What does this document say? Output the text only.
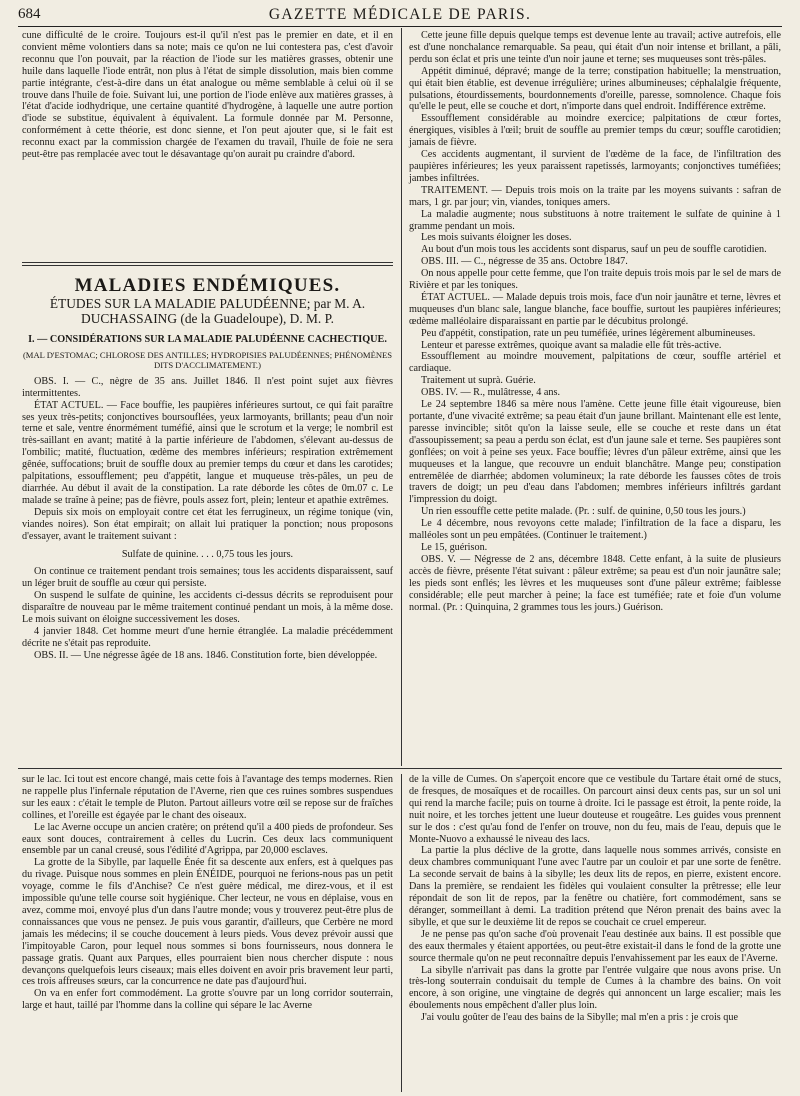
684	GAZETTE MÉDICALE DE PARIS.

cune difficulté de le croire. Toujours est-il qu'il n'est pas le premier en date, et il en convient même volontiers dans sa note; mais ce qu'on ne lui contestera pas, c'est d'avoir reconnu que l'on pouvait, par la réaction de l'iode sur les matières grasses, obtenir une huile dans laquelle l'iode entrât, non plus à l'état de simple dissolution, mais bien comme partie intégrante, c'est-à-dire dans un état analogue ou même semblable à celui où il se trouve dans l'huile de foie. Suivant lui, une portion de l'iode enlève aux matières grasses, à l'état d'acide iodhydrique, une certaine quantité d'hydrogène, à laquelle une autre portion d'iode se substitue, équivalent à équivalent. La formule donnée par M. Personne, conformément à cette théorie, est donc sienne, et l'on peut ajouter que, si le fait est reconnu exact par la commission chargée de l'examen du travail, l'huile de foie ne sera peut-être pas remplacée avec tout le désavantage qu'on aurait pu craindre d'abord.

MALADIES ENDÉMIQUES.
ÉTUDES SUR LA MALADIE PALUDÉENNE; par M. A. DUCHASSAING (de la Guadeloupe), D. M. P.
I. — CONSIDÉRATIONS SUR LA MALADIE PALUDÉENNE CACHECTIQUE.
(MAL D'ESTOMAC; CHLOROSE DES ANTILLES; HYDROPISIES PALUDÉENNES; PHÉNOMÈNES DITS D'ACCLIMATEMENT.)

OBS. I. — C., nègre de 35 ans. Juillet 1846. Il n'est point sujet aux fièvres intermittentes.

ÉTAT ACTUEL. — Face bouffie, les paupières inférieures surtout, ce qui fait paraître ses yeux très-petits; conjonctives boursouflées, yeux larmoyants, brillants; peau d'un noir terne et sale, ventre énormément tuméfié, ainsi que le scrotum et la verge; le nombril est très-saillant en avant; matité à la partie inférieure de l'abdomen, s'élevant au-dessus de l'ombilic; matité, fluctuation, œdème des membres inférieurs; respiration extrêmement gênée, suffocations; bruit de souffle doux au premier temps du cœur et dans les carotides; palpitations, essoufflement; peu d'appétit, langue et muqueuse très-pâles, un peu de diarrhée. Au début il avait de la constipation. La rate déborde les côtes de 0m.07 c. Le malade se traîne à peine; pas de fièvre, pouls assez fort, plein; lenteur et apathie extrêmes.

Depuis six mois on employait contre cet état les ferrugineux, un régime tonique (vin, viandes noires). Son état empirait; on allait lui pratiquer la ponction; nous proposons d'essayer, avant le traitement suivant :

Sulfate de quinine. . . . 0,75 tous les jours.

On continue ce traitement pendant trois semaines; tous les accidents disparaissent, sauf un léger bruit de souffle au cœur qui persiste.

On suspend le sulfate de quinine, les accidents ci-dessus décrits se reproduisent pour disparaître de nouveau par le même traitement continué pendant un mois, à la même dose. Le mois suivant on éloigne successivement les doses.

4 janvier 1848. Cet homme meurt d'une hernie étranglée. La maladie précédemment décrite ne s'était pas reproduite.

OBS. II. — Une négresse âgée de 18 ans. 1846. Constitution forte, bien développée.

Cette jeune fille depuis quelque temps est devenue lente au travail; active autrefois, elle est d'une nonchalance remarquable. Sa peau, qui était d'un noir intense et brillant, a pâli, perdu son éclat et pris une teinte d'un noir jaune et terne; ses muqueuses sont très-pâles.

Appétit diminué, dépravé; mange de la terre; constipation habituelle; la menstruation, qui était bien établie, est devenue irrégulière; urines albumineuses; céphalalgie fréquente, pulsations, étourdissements, bourdonnements d'oreille, paresse, somnolence. Chaque fois qu'elle le peut, elle se couche et dort, n'importe dans quel endroit. Indifférence extrême.

Essoufflement considérable au moindre exercice; palpitations de cœur fortes, énergiques, visibles à l'œil; bruit de souffle au premier temps du cœur; souffle carotidien; jamais de fièvre.

Ces accidents augmentant, il survient de l'œdème de la face, de l'infiltration des paupières inférieures; les yeux paraissent rapetissés, larmoyants; conjonctives tuméfiées; jambes infiltrées.

TRAITEMENT. — Depuis trois mois on la traite par les moyens suivants : safran de mars, 1 gr. par jour; vin, viandes, toniques amers.

La maladie augmente; nous substituons à notre traitement le sulfate de quinine à 1 gramme pendant un mois.

Les mois suivants éloigner les doses.

Au bout d'un mois tous les accidents sont disparus, sauf un peu de souffle carotidien.

OBS. III. — C., négresse de 35 ans. Octobre 1847.

On nous appelle pour cette femme, que l'on traite depuis trois mois par le sel de mars de Rivière et par les toniques.

ÉTAT ACTUEL. — Malade depuis trois mois, face d'un noir jaunâtre et terne, lèvres et muqueuses d'un blanc sale, langue blanche, face bouffie, surtout les paupières inférieures; œdème malléolaire disparaissant en partie par le décubitus prolongé.

Peu d'appétit, constipation, rate un peu tuméfiée, urines légèrement albumineuses.

Lenteur et paresse extrêmes, quoique avant sa maladie elle fût très-active.

Essoufflement au moindre mouvement, palpitations de cœur, souffle artériel et cardiaque.

Traitement ut suprà. Guérie.

OBS. IV. — R., mulâtresse, 4 ans.

Le 24 septembre 1846 sa mère nous l'amène. Cette jeune fille était vigoureuse, bien portante, d'une vivacité extrême; sa peau était d'un jaune brillant. Maintenant elle est lente, paresse invincible; sitôt qu'on la laisse seule, elle se couche et reste dans un état d'assoupissement; sa peau a perdu son éclat, est d'un jaune sale et terne. Ses paupières sont gonflées; on voit à peine ses yeux. Face bouffie; lèvres d'un pâleur extrême, ainsi que les muqueuses et la langue, que recouvre un enduit blanchâtre. Mange peu; constipation entremêlée de diarrhée; abdomen volumineux; la rate déborde les fausses côtes de trois travers de doigt; un peu d'eau dans l'abdomen; membres inférieurs infiltrés gardant l'impression du doigt.

Un rien essouffle cette petite malade. (Pr. : sulf. de quinine, 0,50 tous les jours.)

Le 4 décembre, nous revoyons cette malade; l'infiltration de la face a disparu, les malléoles sont un peu empâtées. (Continuer le traitement.)

Le 15, guérison.

OBS. V. — Négresse de 2 ans, décembre 1848. Cette enfant, à la suite de plusieurs accès de fièvre, présente l'état suivant : pâleur extrême; sa peau est d'un noir jaunâtre sale; les pieds sont enflés; les lèvres et les muqueuses sont d'une pâleur extrême; faiblesse considérable; elle peut marcher à peine; la face est tuméfiée; rate et foie d'un volume normal. (Pr. : Quinquina, 2 grammes tous les jours.) Guérison.

sur le lac. Ici tout est encore changé, mais cette fois à l'avantage des temps modernes. Rien ne rappelle plus l'infernale réputation de l'Averne, rien que ces ruines sombres suspendues sur les eaux : c'était le temple de Pluton. Partout ailleurs votre œil se repose sur de fraîches collines, et l'oreille est égayée par le chant des oiseaux.

Le lac Averne occupe un ancien cratère; on prétend qu'il a 400 pieds de profondeur. Ses eaux sont douces, contrairement à celles du Lucrin. Ces deux lacs communiquent ensemble par un canal creusé, sous l'édilité d'Agrippa, par 20,000 esclaves.

La grotte de la Sibylle, par laquelle Énée fit sa descente aux enfers, est à quelques pas du rivage. Puisque nous sommes en plein ÉNÉIDE, pourquoi ne ferions-nous pas un petit voyage, comme le fils d'Anchise? Ce n'est guère médical, me direz-vous, et il est impossible qu'une telle course soit hygiénique. Cher lecteur, ne vous en déplaise, vous en avez, comme moi, envoyé plus d'un dans l'autre monde; vous y trouverez peut-être plus de connaissances que vous ne pensez. Je puis vous garantir, d'ailleurs, que Cerbère ne mord jamais les médecins; il se couche doucement à leurs pieds. Vous devez prévoir aussi que l'impitoyable Caron, pour lequel nous sommes si bons fournisseurs, nous donnera le passage gratis. Quant aux Parques, elles pourraient bien nous chercher dispute : nous devançons quelquefois leurs ciseaux; mais elles doivent en avoir pris bravement leur parti, ces trois affreuses sœurs, car la concurrence ne date pas d'aujourd'hui.

On va en enfer fort commodément. La grotte s'ouvre par un long corridor souterrain, large et haut, taillé par l'homme dans la colline qui sépare le lac Averne

de la ville de Cumes. On s'aperçoit encore que ce vestibule du Tartare était orné de stucs, de fresques, de mosaïques et de rocailles. On parcourt ainsi deux cents pas, sur un sol uni qui rend la marche facile; puis on tourne à droite. Ici le passage est étroit, la pente roide, la nuit noire, et les torches jettent une lueur douteuse et rougeâtre. Les guides vous prennent sur le dos : c'est qu'au fond de l'enfer on trouve, non du feu, mais de l'eau, depuis que le Monte-Nuovo a exhaussé le niveau des lacs.

La partie la plus déclive de la grotte, dans laquelle nous sommes arrivés, consiste en deux chambres communiquant l'une avec l'autre par un couloir et par une sorte de fenêtre. La seconde servait de bains à la sibylle; les deux lits de repos, en pierre, existent encore. Dans la première, se rendaient les fidèles qui voulaient consulter la prêtresse; elle leur répondait de son lit de repos, par la fenêtre ou chatière, fort commodément, sans se déranger, sommeillant à demi. La tradition prétend que Néron prenait des bains avec la sibylle, et que sur le deuxième lit de repos se couchait ce cruel empereur.

Je ne pense pas qu'on sache d'où provenait l'eau destinée aux bains. Il est possible que des eaux thermales y étaient apportées, ou peut-être existait-il dans le fond de la grotte une source thermale qu'on ne peut reconnaître depuis l'envahissement par les eaux de l'Averne.

La sibylle n'arrivait pas dans la grotte par l'entrée vulgaire que nous avons prise. Un très-long souterrain conduisait du temple de Cumes à la chambre des bains. On voit encore, à son origine, une vingtaine de degrés qui annoncent un large escalier; mais les éboulements nous empêchent d'aller plus loin.

J'ai voulu goûter de l'eau des bains de la Sibylle; mal m'en a pris : je crois que
